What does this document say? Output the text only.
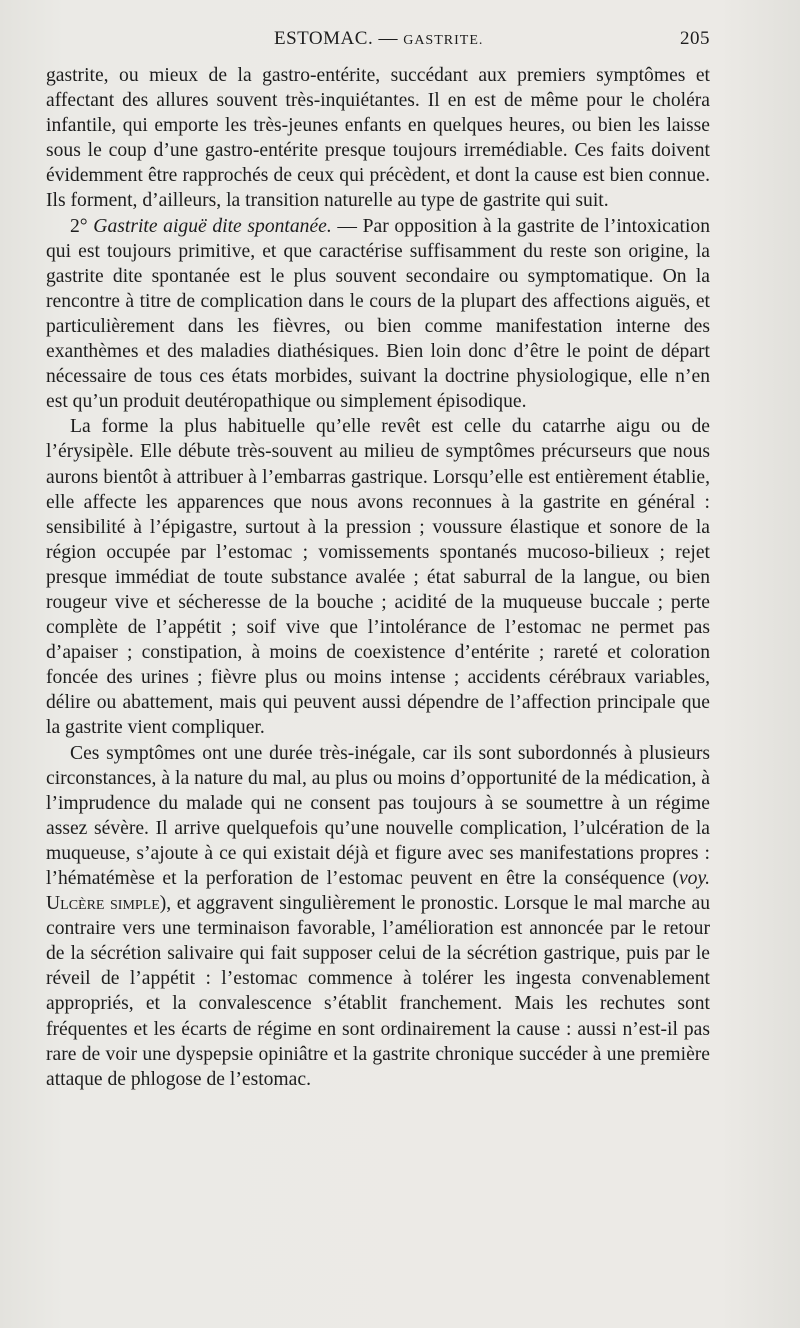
ESTOMAC. — GASTRITE.	205

gastrite, ou mieux de la gastro-entérite, succédant aux premiers symptômes et affectant des allures souvent très-inquiétantes. Il en est de même pour le choléra infantile, qui emporte les très-jeunes enfants en quelques heures, ou bien les laisse sous le coup d’une gastro-entérite presque toujours irremédiable. Ces faits doivent évidemment être rapprochés de ceux qui précèdent, et dont la cause est bien connue. Ils forment, d’ailleurs, la transition naturelle au type de gastrite qui suit.

2° Gastrite aiguë dite spontanée. — Par opposition à la gastrite de l’intoxication qui est toujours primitive, et que caractérise suffisamment du reste son origine, la gastrite dite spontanée est le plus souvent secondaire ou symptomatique. On la rencontre à titre de complication dans le cours de la plupart des affections aiguës, et particulièrement dans les fièvres, ou bien comme manifestation interne des exanthèmes et des maladies diathésiques. Bien loin donc d’être le point de départ nécessaire de tous ces états morbides, suivant la doctrine physiologique, elle n’en est qu’un produit deutéropathique ou simplement épisodique.

La forme la plus habituelle qu’elle revêt est celle du catarrhe aigu ou de l’érysipèle. Elle débute très-souvent au milieu de symptômes précurseurs que nous aurons bientôt à attribuer à l’embarras gastrique. Lorsqu’elle est entièrement établie, elle affecte les apparences que nous avons reconnues à la gastrite en général : sensibilité à l’épigastre, surtout à la pression ; voussure élastique et sonore de la région occupée par l’estomac ; vomissements spontanés mucoso-bilieux ; rejet presque immédiat de toute substance avalée ; état saburral de la langue, ou bien rougeur vive et sécheresse de la bouche ; acidité de la muqueuse buccale ; perte complète de l’appétit ; soif vive que l’intolérance de l’estomac ne permet pas d’apaiser ; constipation, à moins de coexistence d’entérite ; rareté et coloration foncée des urines ; fièvre plus ou moins intense ; accidents cérébraux variables, délire ou abattement, mais qui peuvent aussi dépendre de l’affection principale que la gastrite vient compliquer.

Ces symptômes ont une durée très-inégale, car ils sont subordonnés à plusieurs circonstances, à la nature du mal, au plus ou moins d’opportunité de la médication, à l’imprudence du malade qui ne consent pas toujours à se soumettre à un régime assez sévère. Il arrive quelquefois qu’une nouvelle complication, l’ulcération de la muqueuse, s’ajoute à ce qui existait déjà et figure avec ses manifestations propres : l’hématémèse et la perforation de l’estomac peuvent en être la conséquence (voy. Ulcère simple), et aggravent singulièrement le pronostic. Lorsque le mal marche au contraire vers une terminaison favorable, l’amélioration est annoncée par le retour de la sécrétion salivaire qui fait supposer celui de la sécrétion gastrique, puis par le réveil de l’appétit : l’estomac commence à tolérer les ingesta convenablement appropriés, et la convalescence s’établit franchement. Mais les rechutes sont fréquentes et les écarts de régime en sont ordinairement la cause : aussi n’est-il pas rare de voir une dyspepsie opiniâtre et la gastrite chronique succéder à une première attaque de phlogose de l’estomac.
